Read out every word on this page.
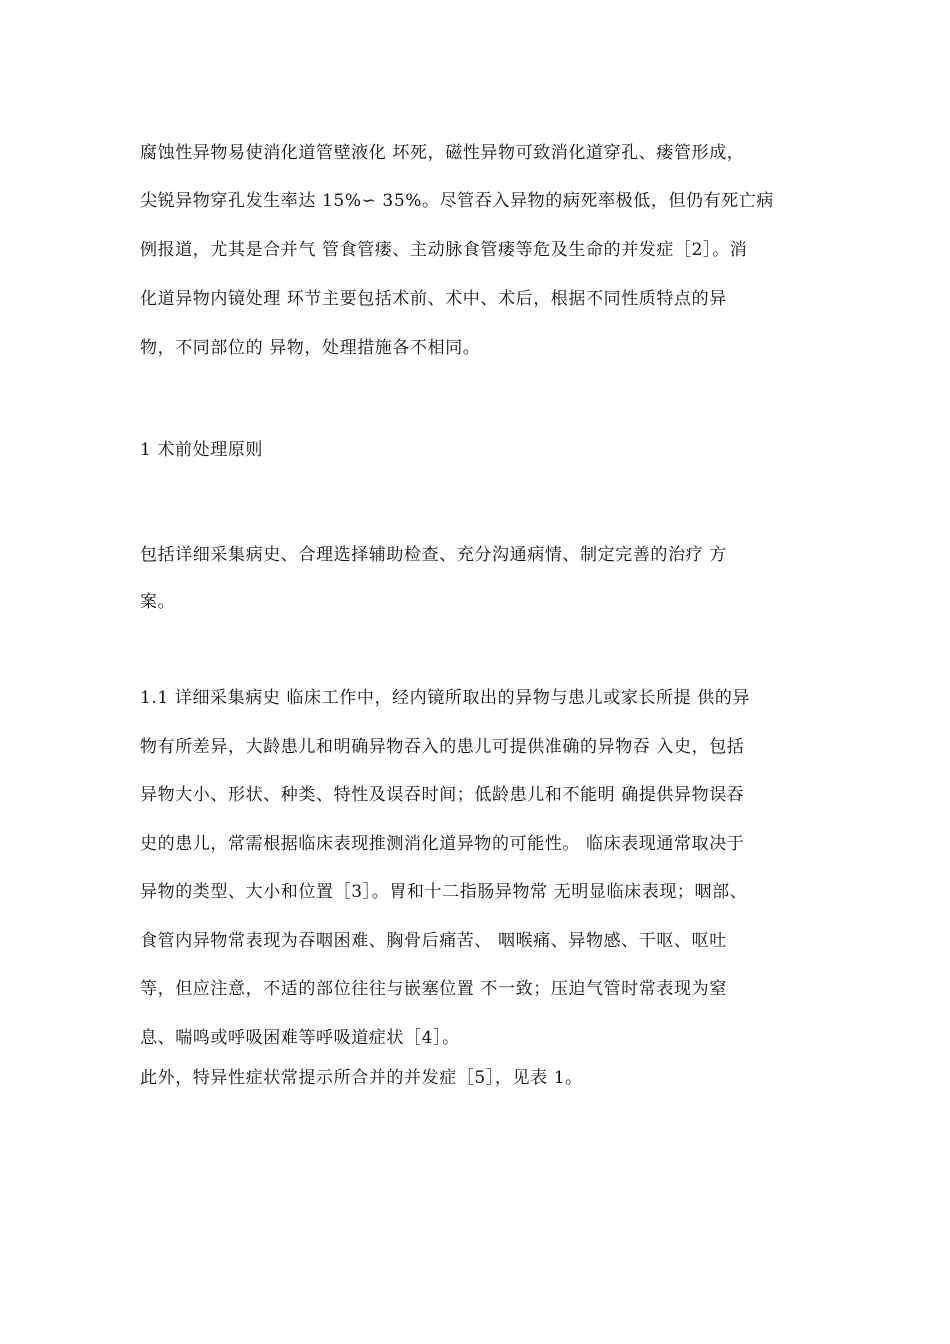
腐蚀性异物易使消化道管壁液化 坏死，磁性异物可致消化道穿孔、瘘管形成，
尖锐异物穿孔发生率达 15%∽ 35%。尽管吞入异物的病死率极低，但仍有死亡病
例报道，尤其是合并气 管食管瘘、主动脉食管瘘等危及生命的并发症［2］。消
化道异物内镜处理 环节主要包括术前、术中、术后，根据不同性质特点的异
物，不同部位的 异物，处理措施各不相同。
1 术前处理原则
包括详细采集病史、合理选择辅助检查、充分沟通病情、制定完善的治疗 方
案。
1.1 详细采集病史 临床工作中，经内镜所取出的异物与患儿或家长所提 供的异
物有所差异，大龄患儿和明确异物吞入的患儿可提供准确的异物吞 入史，包括
异物大小、形状、种类、特性及误吞时间；低龄患儿和不能明 确提供异物误吞
史的患儿，常需根据临床表现推测消化道异物的可能性。 临床表现通常取决于
异物的类型、大小和位置［3］。胃和十二指肠异物常 无明显临床表现；咽部、
食管内异物常表现为吞咽困难、胸骨后痛苦、 咽喉痛、异物感、干呕、呕吐
等，但应注意，不适的部位往往与嵌塞位置 不一致；压迫气管时常表现为窒
息、喘鸣或呼吸困难等呼吸道症状［4］。
此外，特异性症状常提示所合并的并发症［5］，见表 1。
